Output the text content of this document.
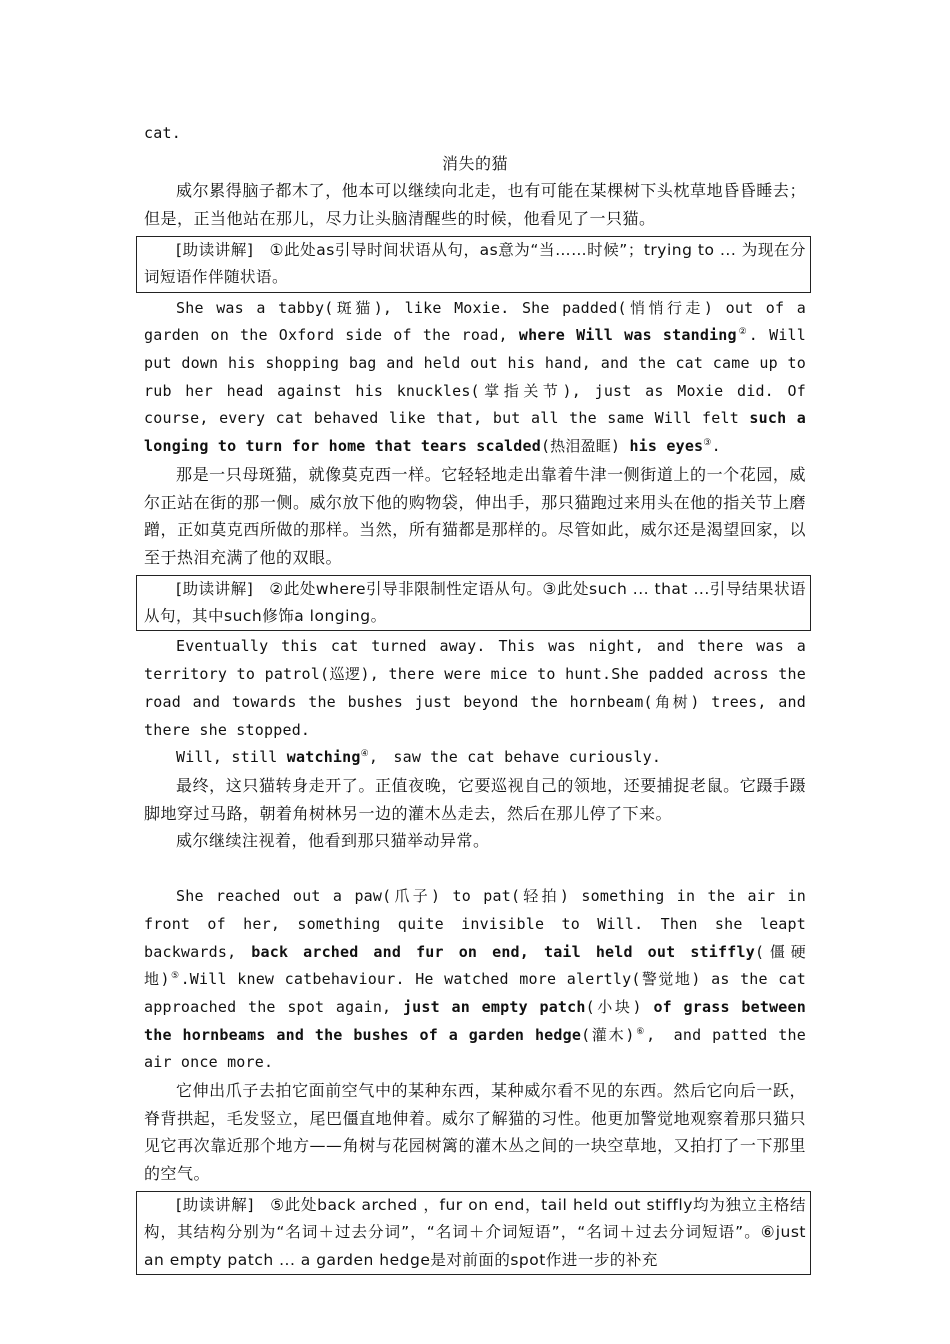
cat.

消失的猫

威尔累得脑子都木了，他本可以继续向北走，也有可能在某棵树下头枕草地昏昏睡去；但是，正当他站在那儿，尽力让头脑清醒些的时候，他看见了一只猫。

[助读讲解]　①此处as引导时间状语从句，as意为“当……时候”；trying to ... 为现在分词短语作伴随状语。

She was a tabby(斑猫), like Moxie. She padded(悄悄行走) out of a garden on the Oxford side of the road, where Will was standing②. Will put down his shopping bag and held out his hand, and the cat came up to rub her head against his knuckles(掌指关节), just as Moxie did. Of course, every cat behaved like that, but all the same Will felt such a longing to turn for home that tears scalded(热泪盈眶) his eyes③.

那是一只母斑猫，就像莫克西一样。它轻轻地走出靠着牛津一侧街道上的一个花园，威尔正站在街的那一侧。威尔放下他的购物袋，伸出手，那只猫跑过来用头在他的指关节上磨蹭，正如莫克西所做的那样。当然，所有猫都是那样的。尽管如此，威尔还是渴望回家，以至于热泪充满了他的双眼。

[助读讲解]　②此处where引导非限制性定语从句。③此处such ... that ...引导结果状语从句，其中such修饰a longing。

Eventually this cat turned away. This was night, and there was a territory to patrol(巡逻), there were mice to hunt.She padded across the road and towards the bushes just beyond the hornbeam(角树) trees, and there she stopped.

Will, still watching④,　saw the cat behave curiously.

最终，这只猫转身走开了。正值夜晚，它要巡视自己的领地，还要捕捉老鼠。它蹑手蹑脚地穿过马路，朝着角树林另一边的灌木丛走去，然后在那儿停了下来。

威尔继续注视着，他看到那只猫举动异常。

She reached out a paw(爪子) to pat(轻拍) something in the air in front of her, something quite invisible to Will. Then she leapt backwards, back arched and fur on end, tail held out stiffly(僵硬地)⑤.Will knew catbehaviour. He watched more alertly(警觉地) as the cat approached the spot again, just an empty patch(小块) of grass between the hornbeams and the bushes of a garden hedge(灌木)⑥,　and patted the air once more.

它伸出爪子去拍它面前空气中的某种东西，某种威尔看不见的东西。然后它向后一跃，脊背拱起，毛发竖立，尾巴僵直地伸着。威尔了解猫的习性。他更加警觉地观察着那只猫只见它再次靠近那个地方——角树与花园树篱的灌木丛之间的一块空草地，又拍打了一下那里的空气。

[助读讲解]　⑤此处back arched ，fur on end，tail held out stiffly均为独立主格结构，其结构分别为“名词＋过去分词”，“名词＋介词短语”，“名词＋过去分词短语”。⑥just an empty patch ... a garden hedge是对前面的spot作进一步的补充
